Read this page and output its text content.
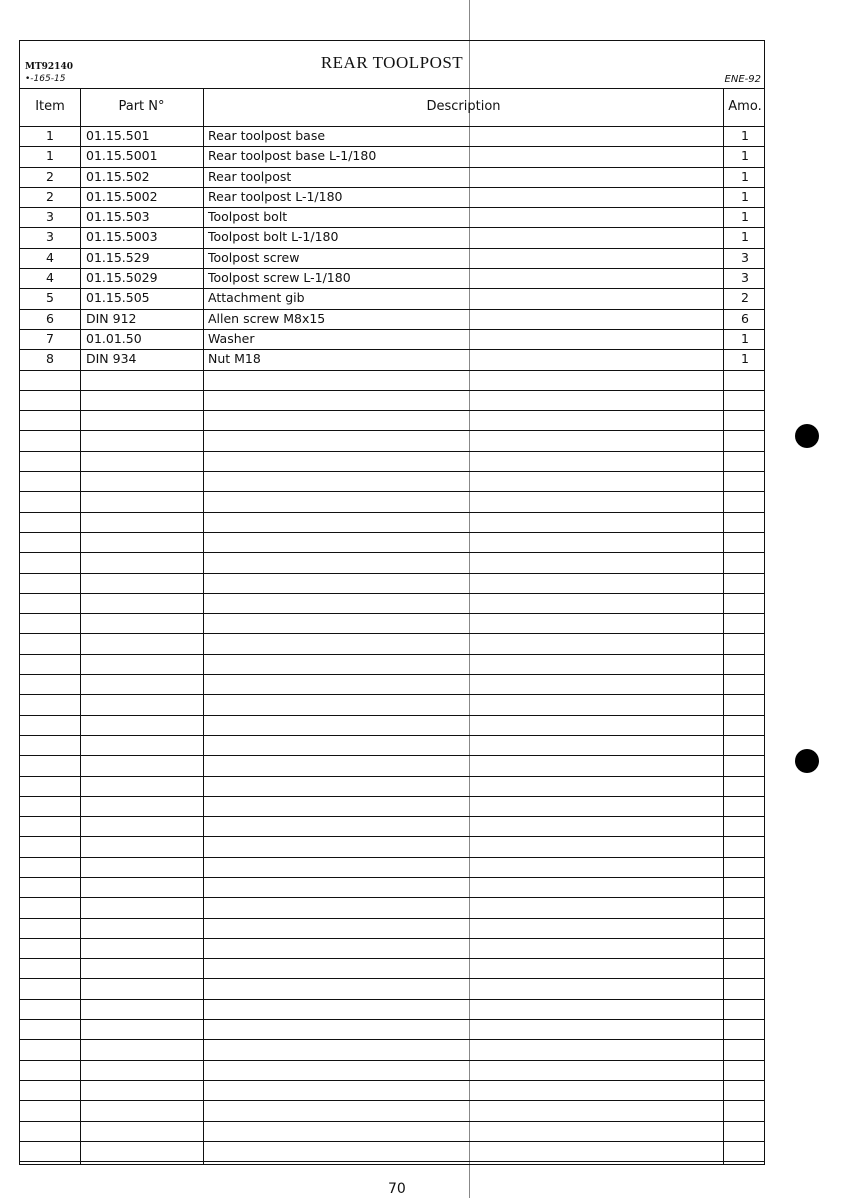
MT92140
•-165-15
REAR TOOLPOST
ENE-92
Item	Part N°	Description	Amo.
1	01.15.501	Rear toolpost base	1
1	01.15.5001	Rear toolpost base L-1/180	1
2	01.15.502	Rear toolpost	1
2	01.15.5002	Rear toolpost L-1/180	1
3	01.15.503	Toolpost bolt	1
3	01.15.5003	Toolpost bolt L-1/180	1
4	01.15.529	Toolpost screw	3
4	01.15.5029	Toolpost screw L-1/180	3
5	01.15.505	Attachment gib	2
6	DIN 912	Allen screw M8x15	6
7	01.01.50	Washer	1
8	DIN 934	Nut M18	1
70
